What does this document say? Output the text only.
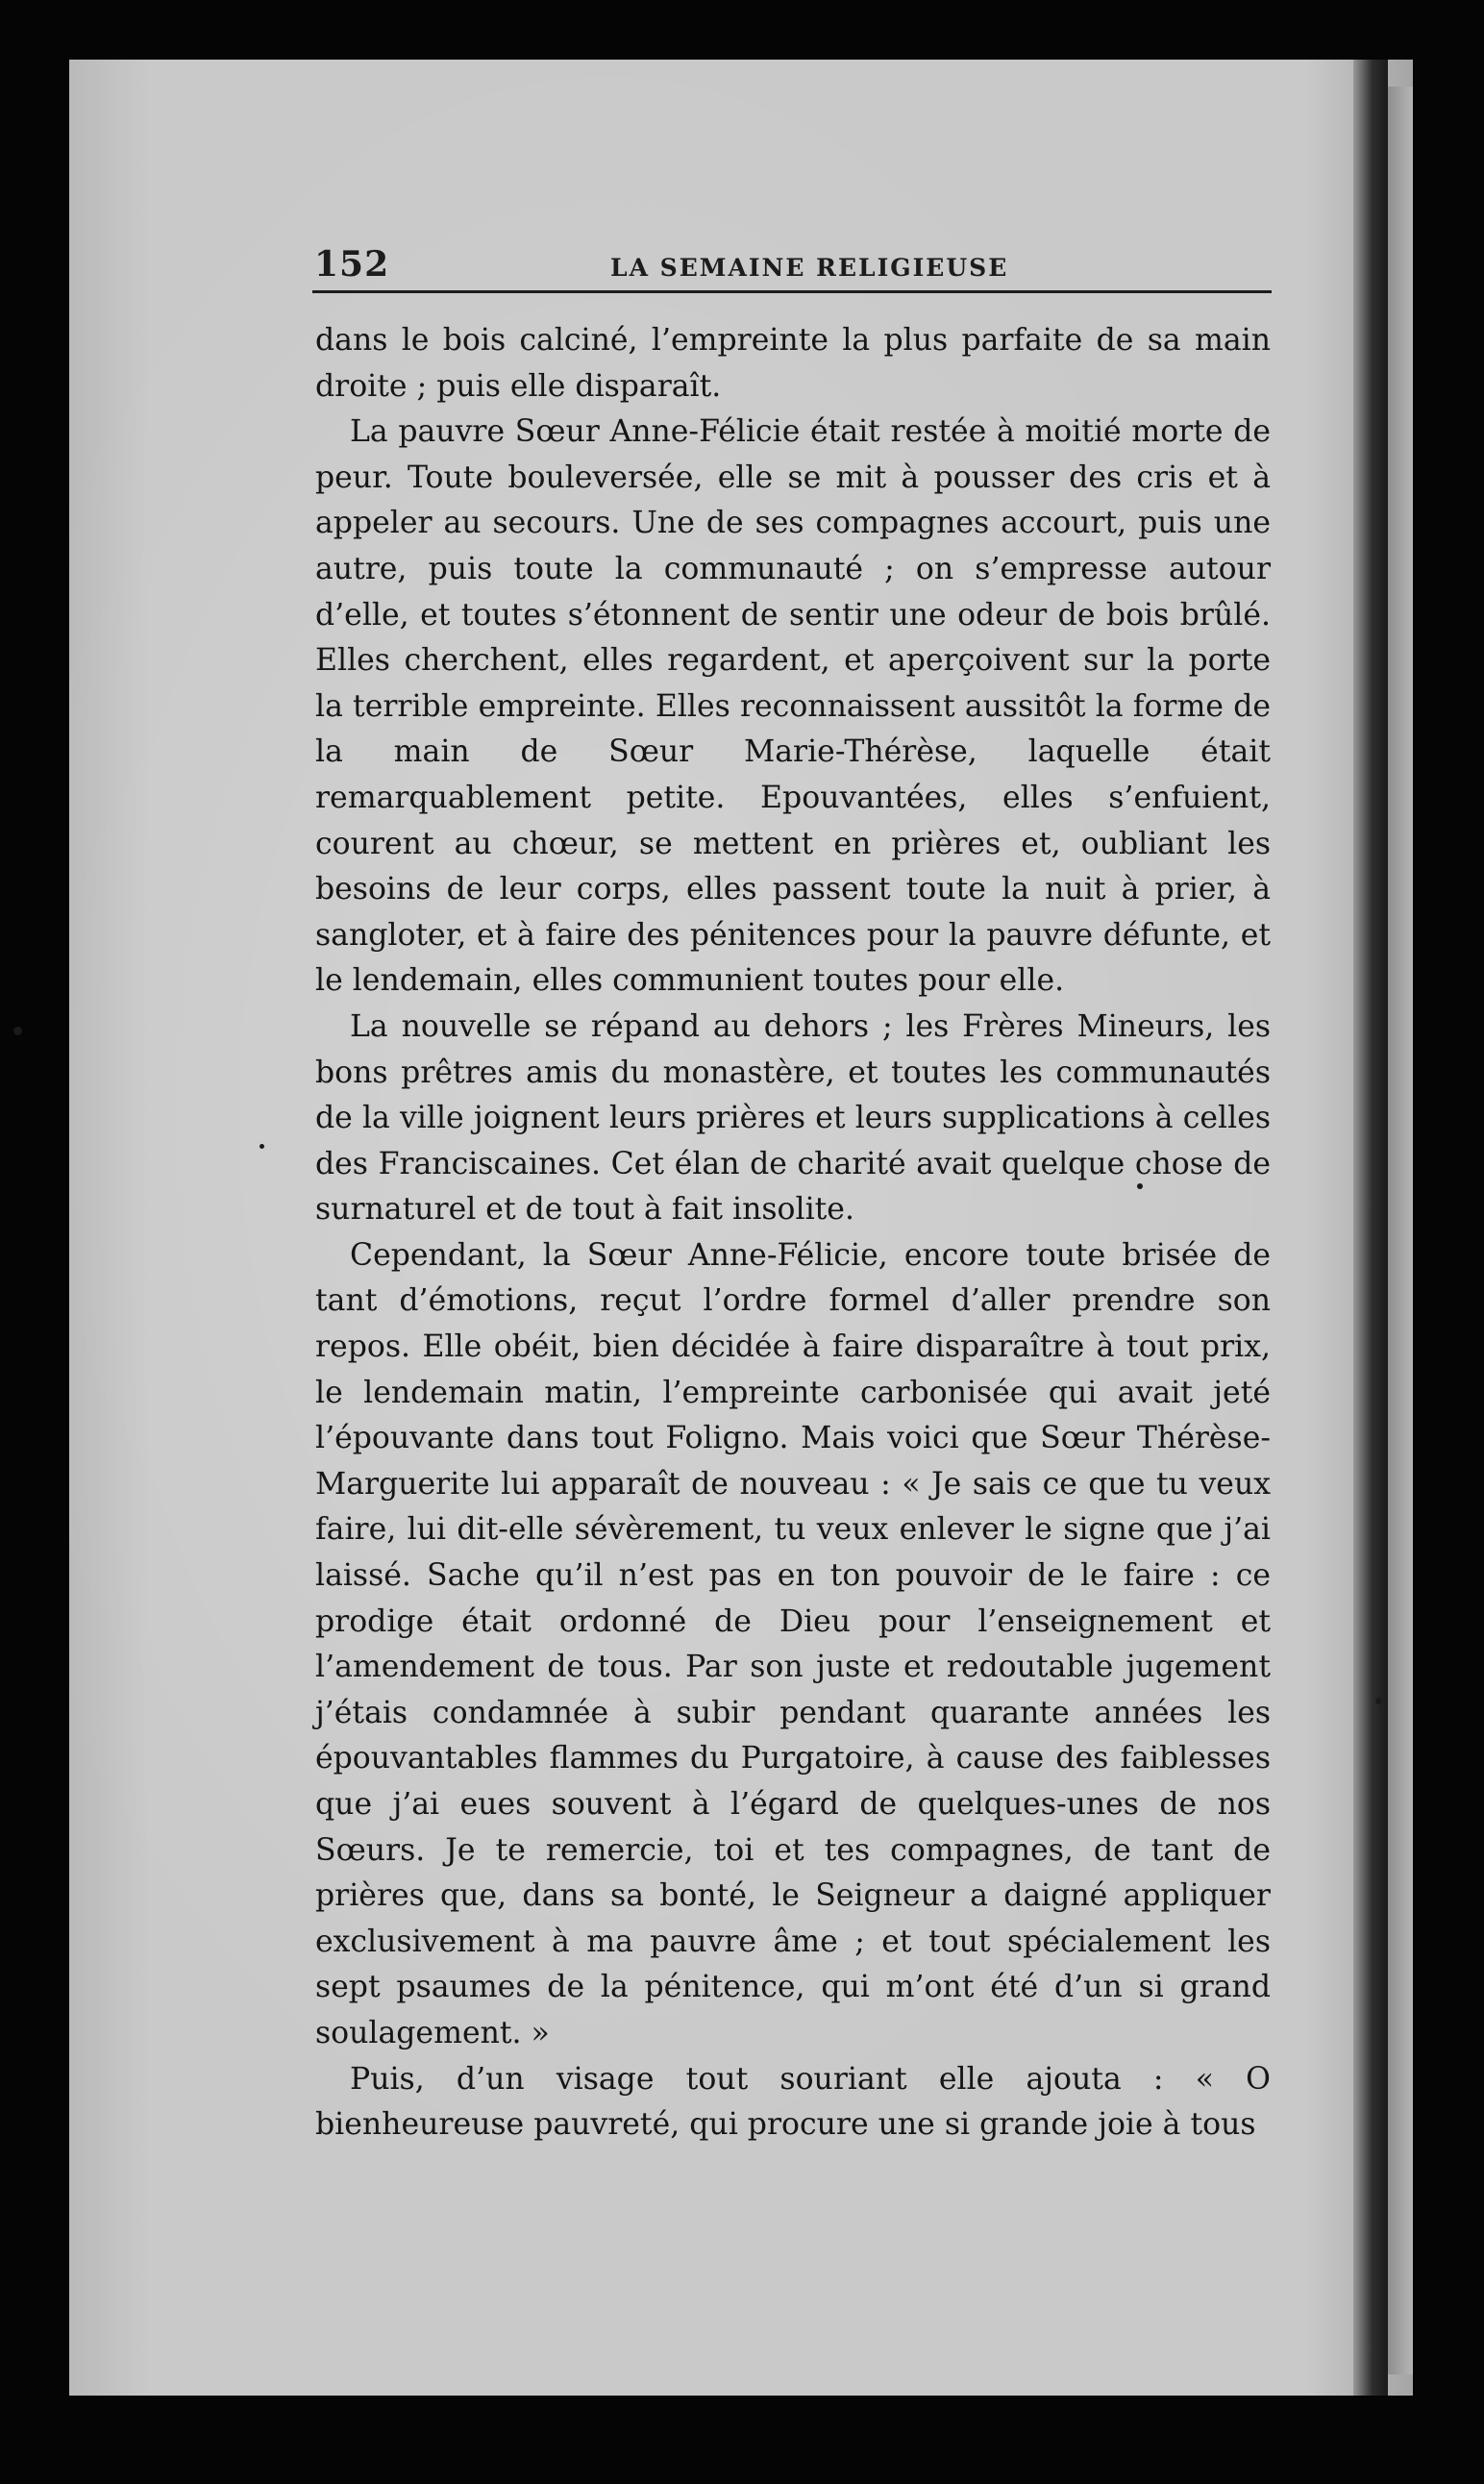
152	LA SEMAINE RELIGIEUSE

dans le bois calciné, l’empreinte la plus parfaite de sa main droite ; puis elle disparaît.

La pauvre Sœur Anne-Félicie était restée à moitié morte de peur. Toute bouleversée, elle se mit à pousser des cris et à appeler au secours. Une de ses compagnes accourt, puis une autre, puis toute la communauté ; on s’empresse autour d’elle, et toutes s’étonnent de sentir une odeur de bois brûlé. Elles cherchent, elles regardent, et aperçoivent sur la porte la terrible empreinte. Elles reconnaissent aussitôt la forme de la main de Sœur Marie-Thérèse, laquelle était remarquablement petite. Epouvantées, elles s’enfuient, courent au chœur, se mettent en prières et, oubliant les besoins de leur corps, elles passent toute la nuit à prier, à sangloter, et à faire des pénitences pour la pauvre défunte, et le lendemain, elles communient toutes pour elle.

La nouvelle se répand au dehors ; les Frères Mineurs, les bons prêtres amis du monastère, et toutes les communautés de la ville joignent leurs prières et leurs supplications à celles des Franciscaines. Cet élan de charité avait quelque chose de surnaturel et de tout à fait insolite.

Cependant, la Sœur Anne-Félicie, encore toute brisée de tant d’émotions, reçut l’ordre formel d’aller prendre son repos. Elle obéit, bien décidée à faire disparaître à tout prix, le lendemain matin, l’empreinte carbonisée qui avait jeté l’épouvante dans tout Foligno. Mais voici que Sœur Thérèse-Marguerite lui apparaît de nouveau : « Je sais ce que tu veux faire, lui dit-elle sévèrement, tu veux enlever le signe que j’ai laissé. Sache qu’il n’est pas en ton pouvoir de le faire : ce prodige était ordonné de Dieu pour l’enseignement et l’amendement de tous. Par son juste et redoutable jugement j’étais condamnée à subir pendant quarante années les épouvantables flammes du Purgatoire, à cause des faiblesses que j’ai eues souvent à l’égard de quelques-unes de nos Sœurs. Je te remercie, toi et tes compagnes, de tant de prières que, dans sa bonté, le Seigneur a daigné appliquer exclusivement à ma pauvre âme ; et tout spécialement les sept psaumes de la pénitence, qui m’ont été d’un si grand soulagement. »

Puis, d’un visage tout souriant elle ajouta : « O bienheureuse pauvreté, qui procure une si grande joie à tous
